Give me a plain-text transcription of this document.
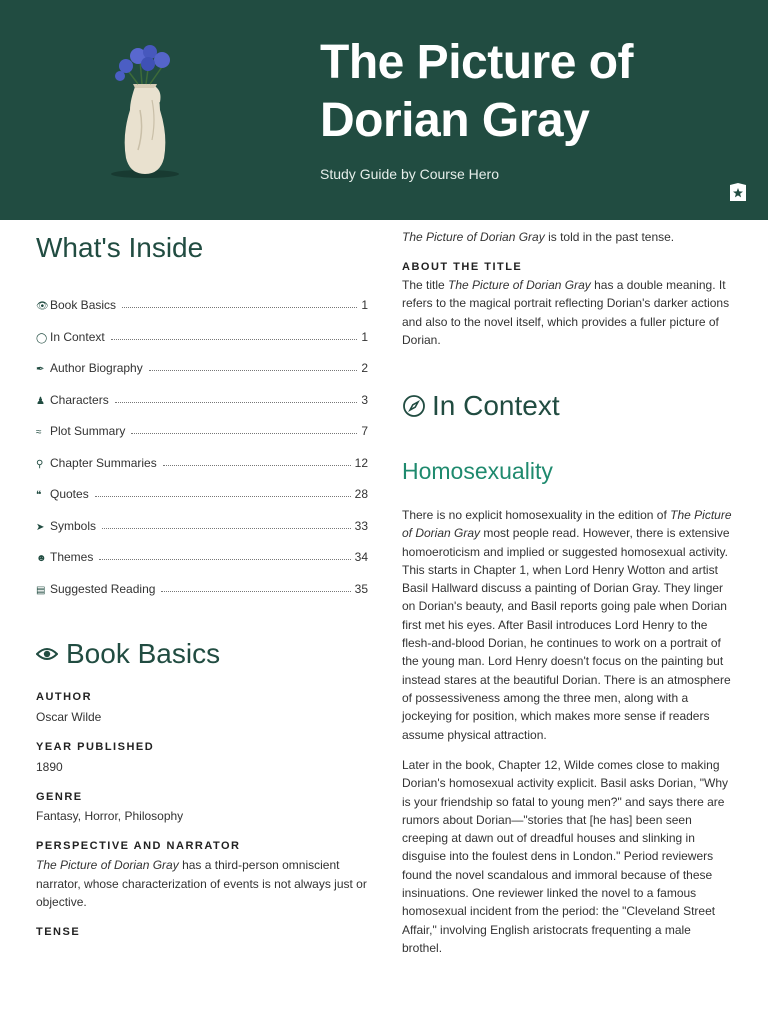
The Picture of
Dorian Gray
Study Guide by Course Hero
What's Inside
👁 Book Basics	1
◯ In Context	1
✒ Author Biography	2
♟ Characters	3
≈ Plot Summary	7
⚲ Chapter Summaries	12
❝ Quotes	28
➤ Symbols	33
☻ Themes	34
▤ Suggested Reading	35
Book Basics
AUTHOR
Oscar Wilde
YEAR PUBLISHED
1890
GENRE
Fantasy, Horror, Philosophy
PERSPECTIVE AND NARRATOR
The Picture of Dorian Gray has a third-person omniscient narrator, whose characterization of events is not always just or objective.
TENSE
The Picture of Dorian Gray is told in the past tense.
ABOUT THE TITLE
The title The Picture of Dorian Gray has a double meaning. It refers to the magical portrait reflecting Dorian's darker actions and also to the novel itself, which provides a fuller picture of Dorian.
In Context
Homosexuality
There is no explicit homosexuality in the edition of The Picture of Dorian Gray most people read. However, there is extensive homoeroticism and implied or suggested homosexual activity. This starts in Chapter 1, when Lord Henry Wotton and artist Basil Hallward discuss a painting of Dorian Gray. They linger on Dorian's beauty, and Basil reports going pale when Dorian first met his eyes. After Basil introduces Lord Henry to the flesh-and-blood Dorian, he continues to work on a portrait of the young man. Lord Henry doesn't focus on the painting but instead stares at the beautiful Dorian. There is an atmosphere of possessiveness among the three men, along with a jockeying for position, which makes more sense if readers assume physical attraction.
Later in the book, Chapter 12, Wilde comes close to making Dorian's homosexual activity explicit. Basil asks Dorian, "Why is your friendship so fatal to young men?" and says there are rumors about Dorian—"stories that [he has] been seen creeping at dawn out of dreadful houses and slinking in disguise into the foulest dens in London." Period reviewers found the novel scandalous and immoral because of these insinuations. One reviewer linked the novel to a famous homosexual incident from the period: the "Cleveland Street Affair," involving English aristocrats frequenting a male brothel.
